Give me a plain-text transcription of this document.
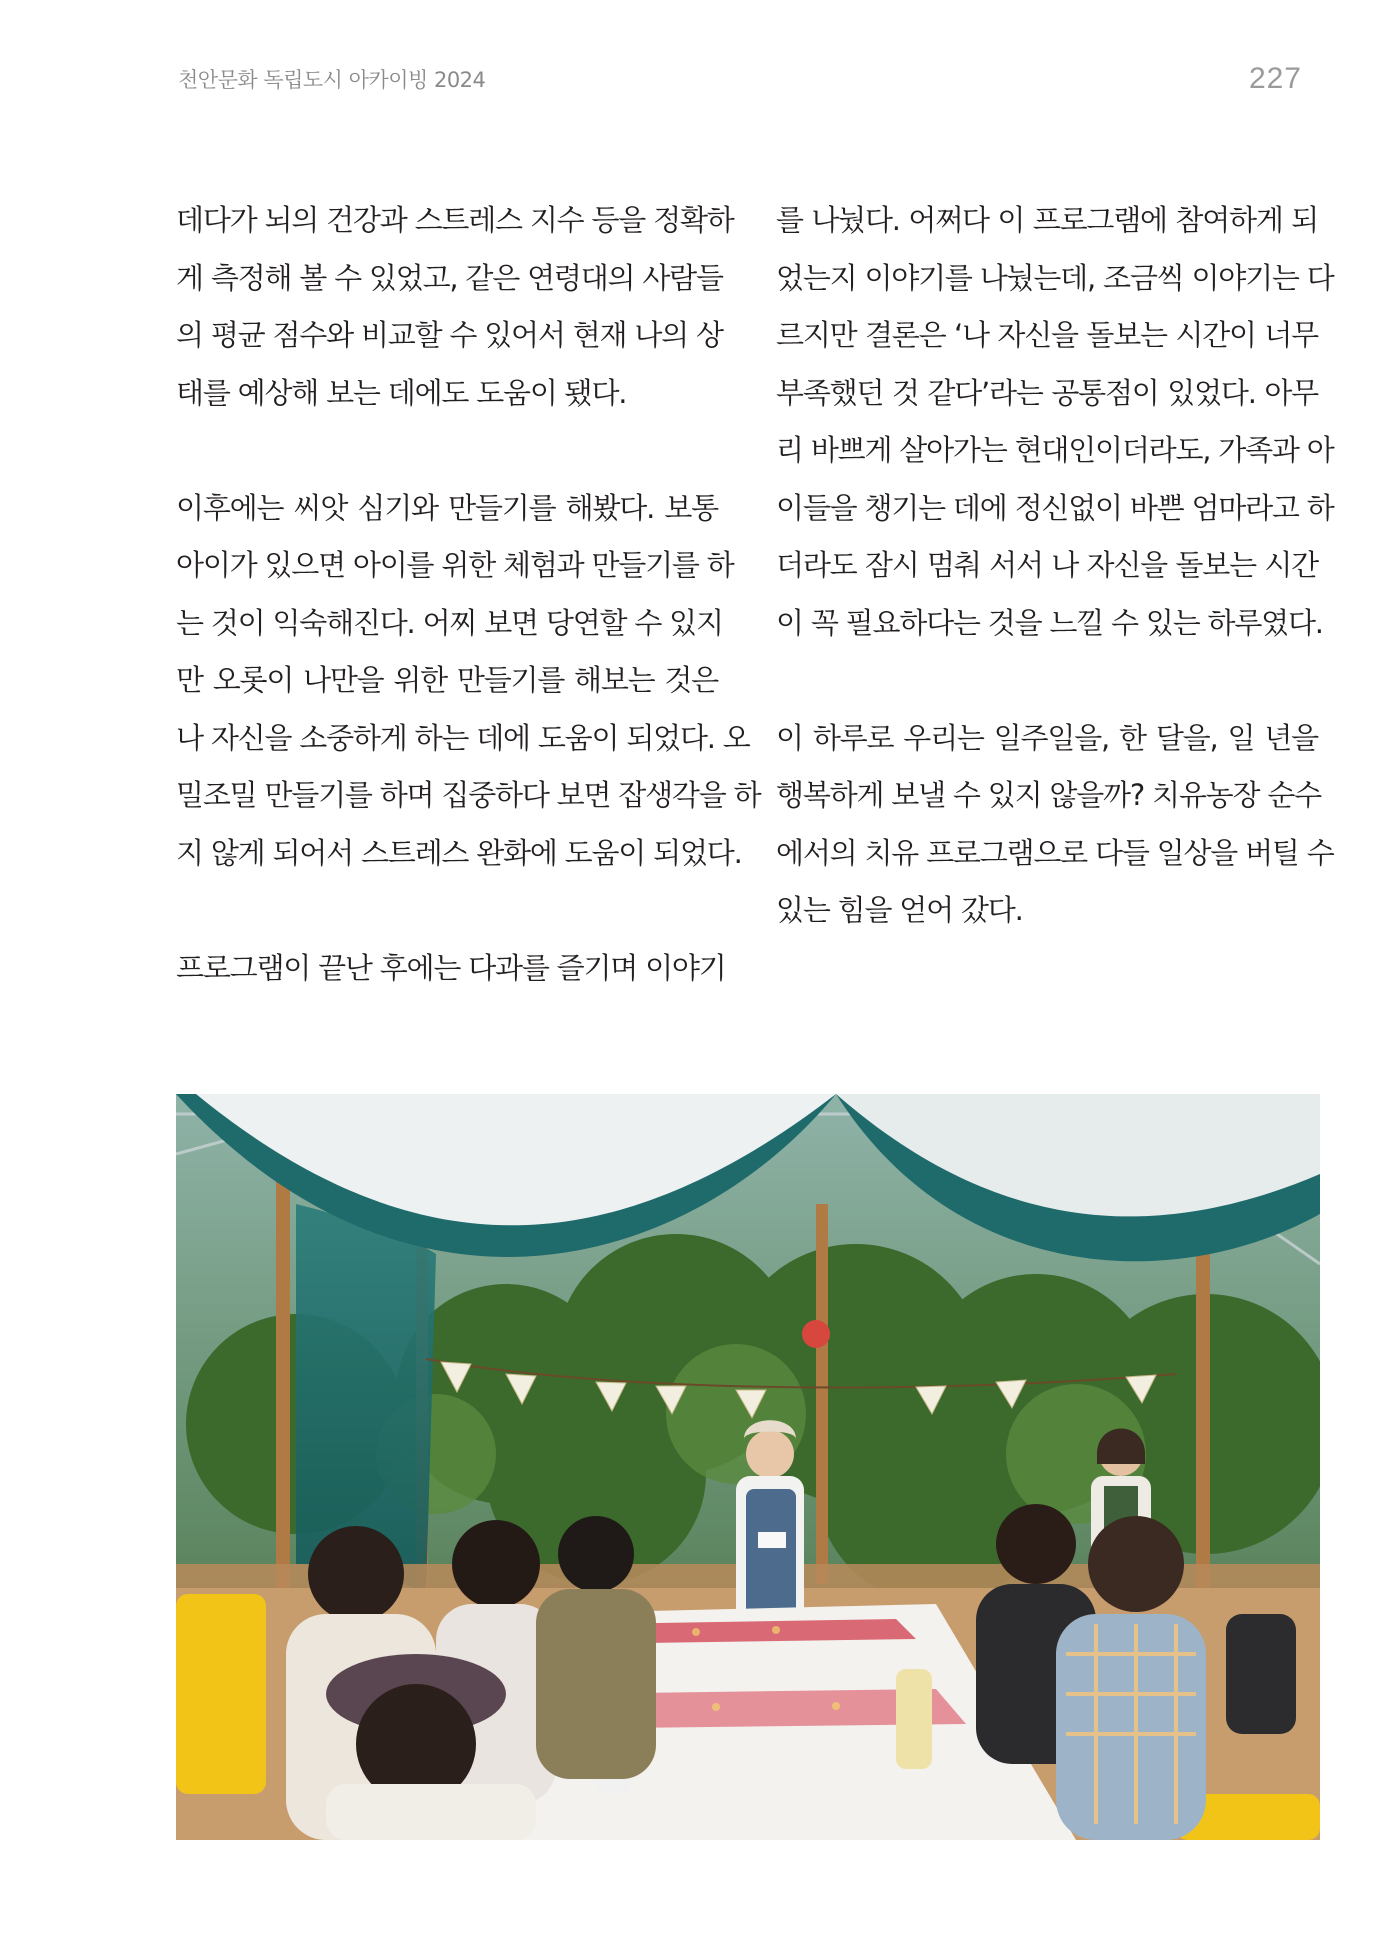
천안문화 독립도시 아카이빙 2024	227

데다가 뇌의 건강과 스트레스 지수 등을 정확하
게 측정해 볼 수 있었고, 같은 연령대의 사람들
의 평균 점수와 비교할 수 있어서 현재 나의 상
태를 예상해 보는 데에도 도움이 됐다.

이후에는 씨앗 심기와 만들기를 해봤다. 보통
아이가 있으면 아이를 위한 체험과 만들기를 하
는 것이 익숙해진다. 어찌 보면 당연할 수 있지
만 오롯이 나만을 위한 만들기를 해보는 것은
나 자신을 소중하게 하는 데에 도움이 되었다. 오
밀조밀 만들기를 하며 집중하다 보면 잡생각을 하
지 않게 되어서 스트레스 완화에 도움이 되었다.

프로그램이 끝난 후에는 다과를 즐기며 이야기

를 나눴다. 어쩌다 이 프로그램에 참여하게 되
었는지 이야기를 나눴는데, 조금씩 이야기는 다
르지만 결론은 ‘나 자신을 돌보는 시간이 너무
부족했던 것 같다’라는 공통점이 있었다. 아무
리 바쁘게 살아가는 현대인이더라도, 가족과 아
이들을 챙기는 데에 정신없이 바쁜 엄마라고 하
더라도 잠시 멈춰 서서 나 자신을 돌보는 시간
이 꼭 필요하다는 것을 느낄 수 있는 하루였다.

이 하루로 우리는 일주일을, 한 달을, 일 년을
행복하게 보낼 수 있지 않을까? 치유농장 순수
에서의 치유 프로그램으로 다들 일상을 버틸 수
있는 힘을 얻어 갔다.
